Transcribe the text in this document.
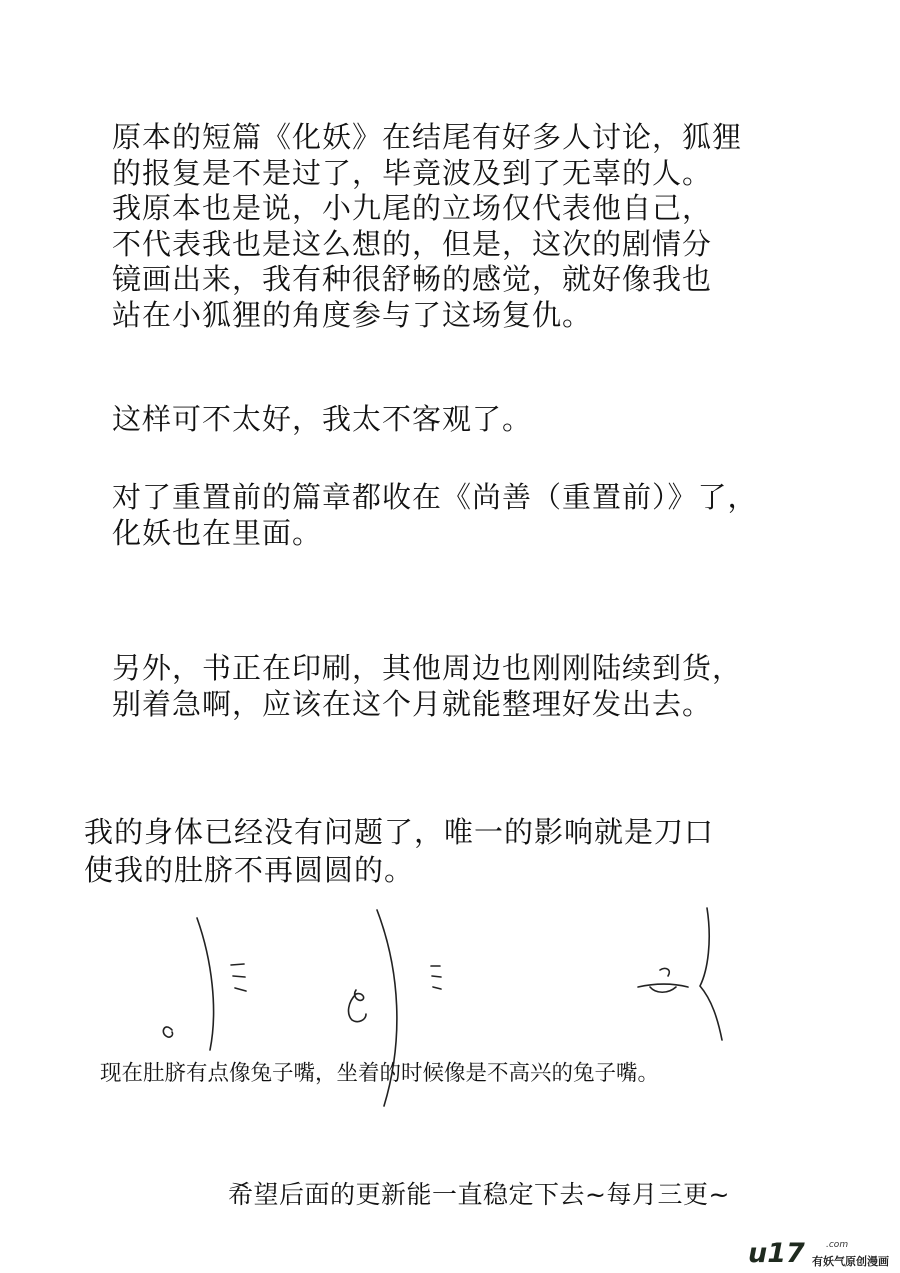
原本的短篇《化妖》在结尾有好多人讨论，狐狸
的报复是不是过了，毕竟波及到了无辜的人。
我原本也是说，小九尾的立场仅代表他自己，
不代表我也是这么想的，但是，这次的剧情分
镜画出来，我有种很舒畅的感觉，就好像我也
站在小狐狸的角度参与了这场复仇。

这样可不太好，我太不客观了。

对了重置前的篇章都收在《尚善（重置前）》了，
化妖也在里面。

另外，书正在印刷，其他周边也刚刚陆续到货，
别着急啊，应该在这个月就能整理好发出去。

我的身体已经没有问题了，唯一的影响就是刀口
使我的肚脐不再圆圆的。

现在肚脐有点像兔子嘴，坐着的时候像是不高兴的兔子嘴。
希望后面的更新能一直稳定下去~每月三更~
u17 .com
有妖气原创漫画
